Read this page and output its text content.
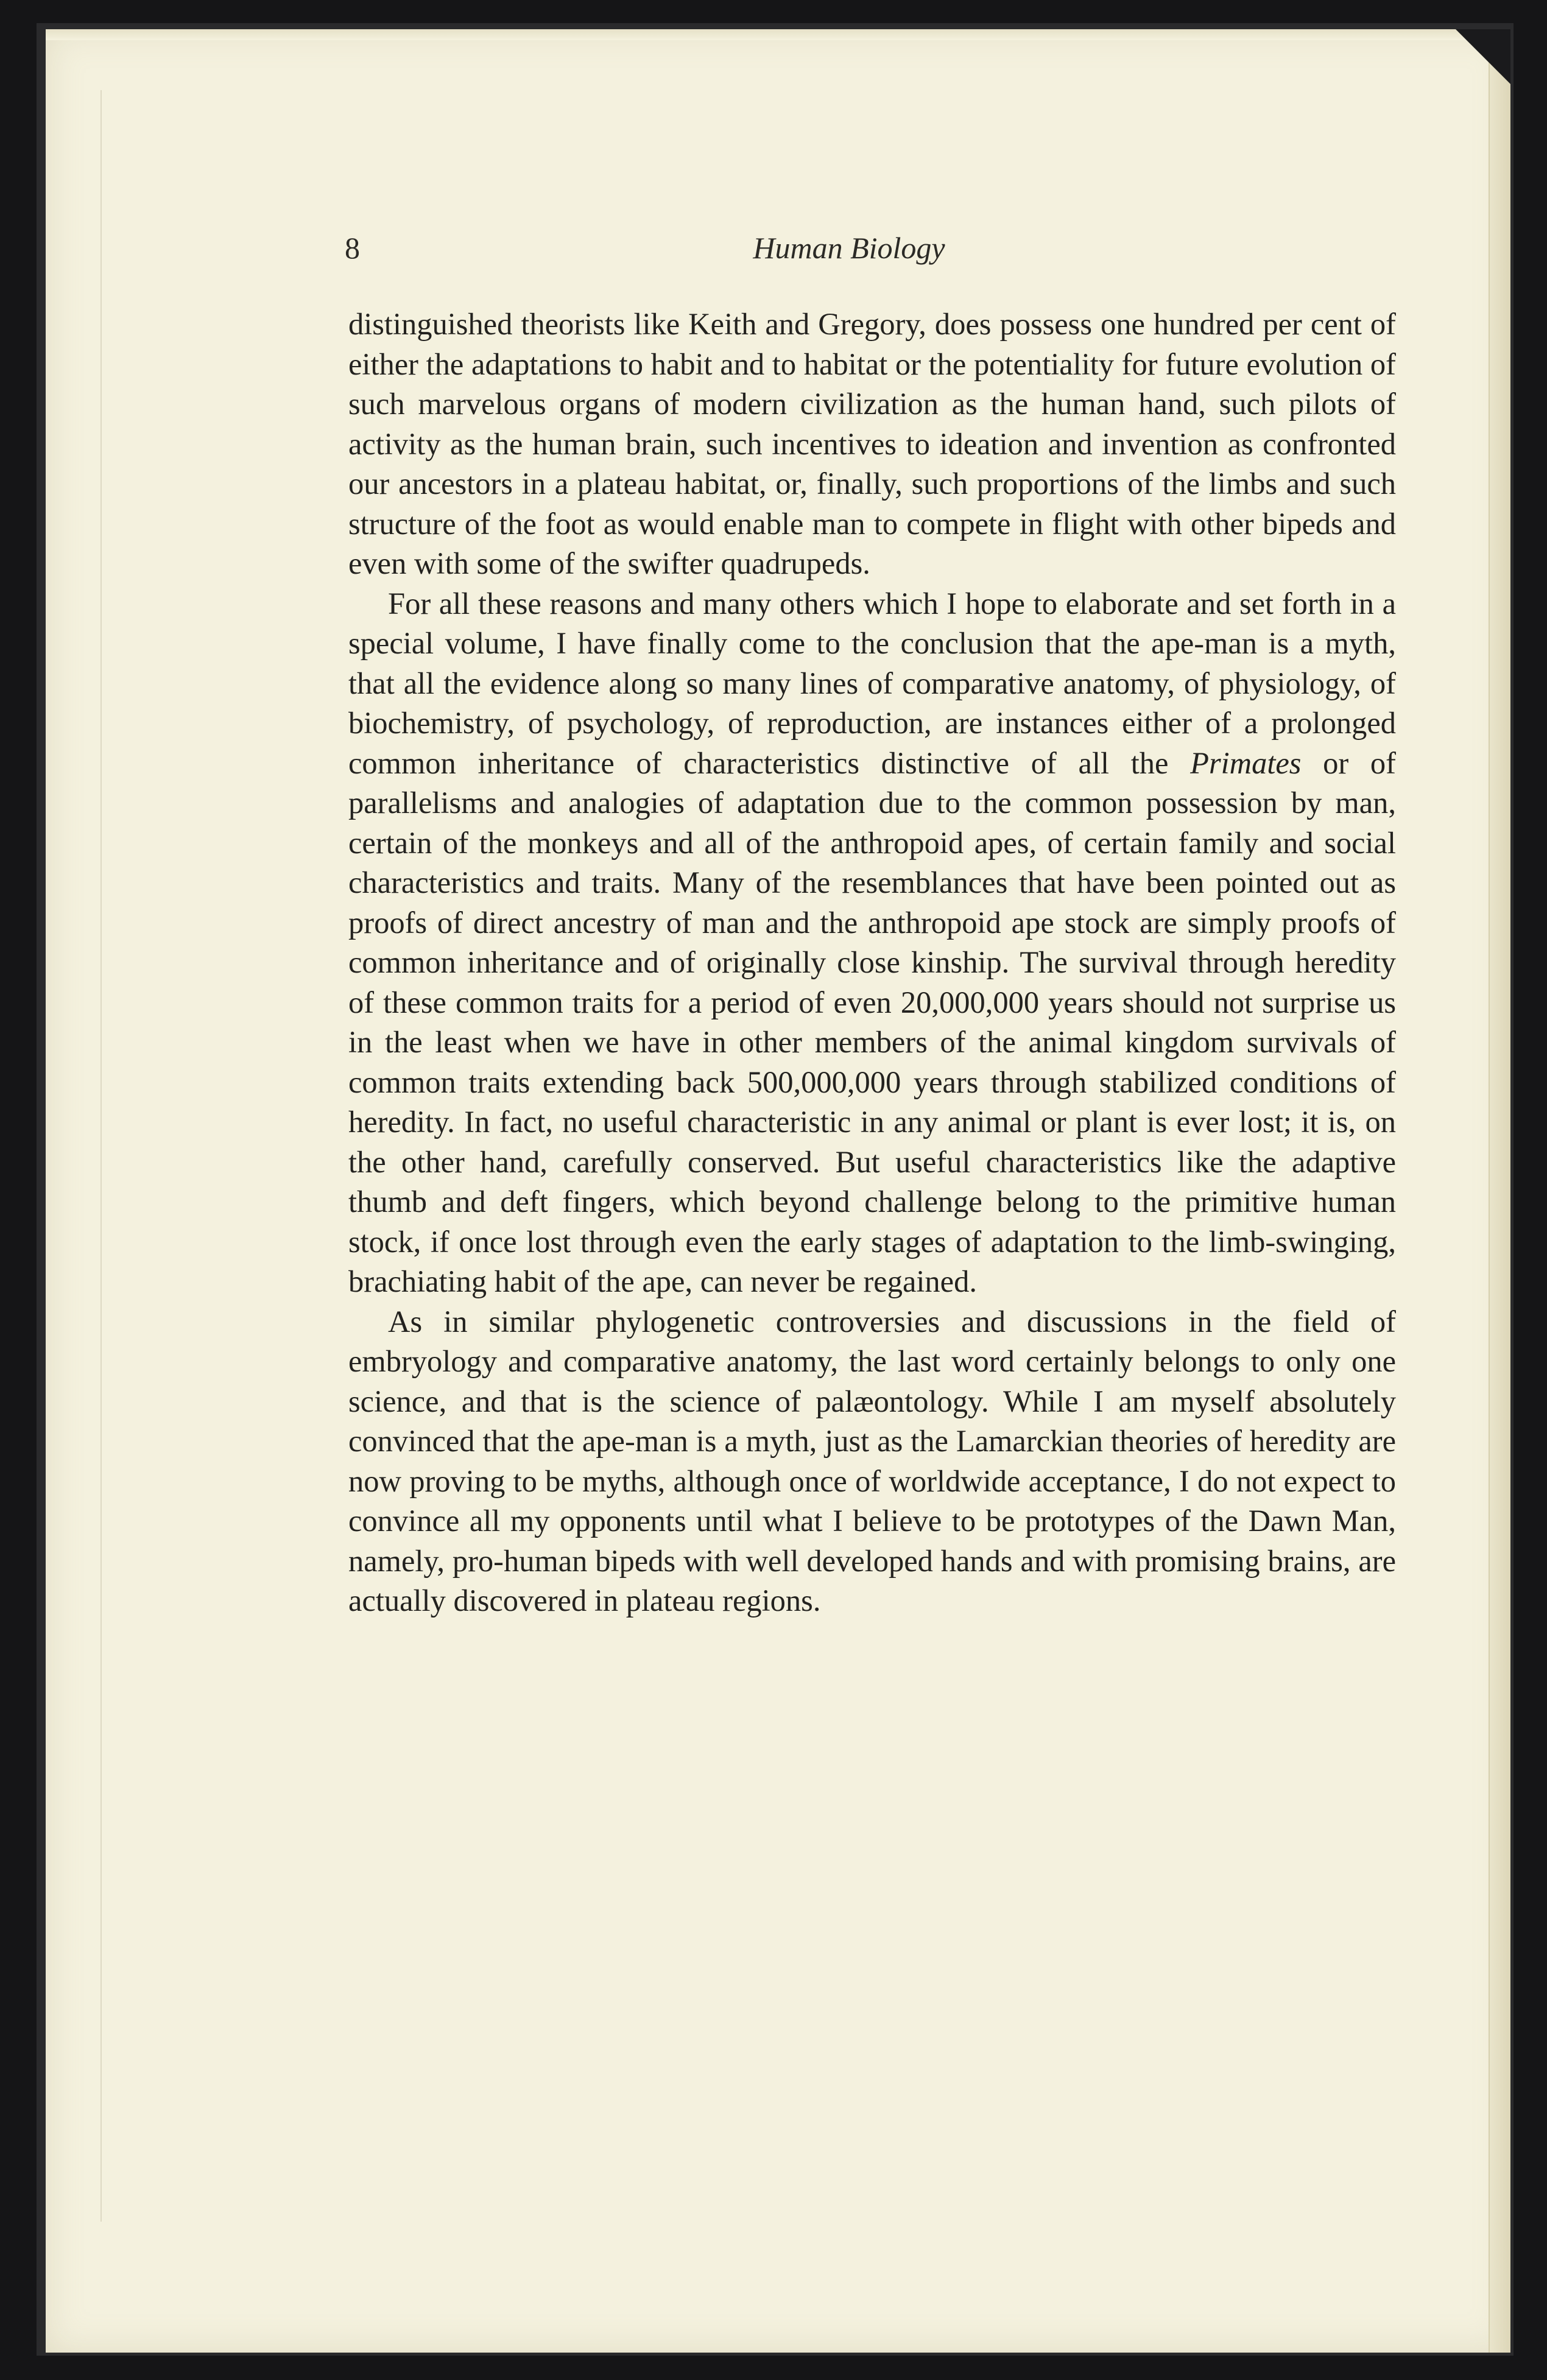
8	Human Biology

distinguished theorists like Keith and Gregory, does possess one hundred per cent of either the adaptations to habit and to habitat or the potentiality for future evolution of such marvelous organs of modern civilization as the human hand, such pilots of activity as the human brain, such incentives to ideation and invention as confronted our ancestors in a plateau habitat, or, finally, such proportions of the limbs and such structure of the foot as would enable man to compete in flight with other bipeds and even with some of the swifter quadrupeds.

For all these reasons and many others which I hope to elaborate and set forth in a special volume, I have finally come to the conclusion that the ape-man is a myth, that all the evidence along so many lines of comparative anatomy, of physiology, of biochemistry, of psychology, of reproduction, are instances either of a prolonged common inheritance of characteristics distinctive of all the Primates or of parallelisms and analogies of adaptation due to the common possession by man, certain of the monkeys and all of the anthropoid apes, of certain family and social characteristics and traits. Many of the resemblances that have been pointed out as proofs of direct ancestry of man and the anthropoid ape stock are simply proofs of common inheritance and of originally close kinship. The survival through heredity of these common traits for a period of even 20,000,000 years should not surprise us in the least when we have in other members of the animal kingdom survivals of common traits extending back 500,000,000 years through stabilized conditions of heredity. In fact, no useful characteristic in any animal or plant is ever lost; it is, on the other hand, carefully conserved. But useful characteristics like the adaptive thumb and deft fingers, which beyond challenge belong to the primitive human stock, if once lost through even the early stages of adaptation to the limb-swinging, brachiating habit of the ape, can never be regained.

As in similar phylogenetic controversies and discussions in the field of embryology and comparative anatomy, the last word certainly belongs to only one science, and that is the science of palæontology. While I am myself absolutely convinced that the ape-man is a myth, just as the Lamarckian theories of heredity are now proving to be myths, although once of worldwide acceptance, I do not expect to convince all my opponents until what I believe to be prototypes of the Dawn Man, namely, pro-human bipeds with well developed hands and with promising brains, are actually discovered in plateau regions.
